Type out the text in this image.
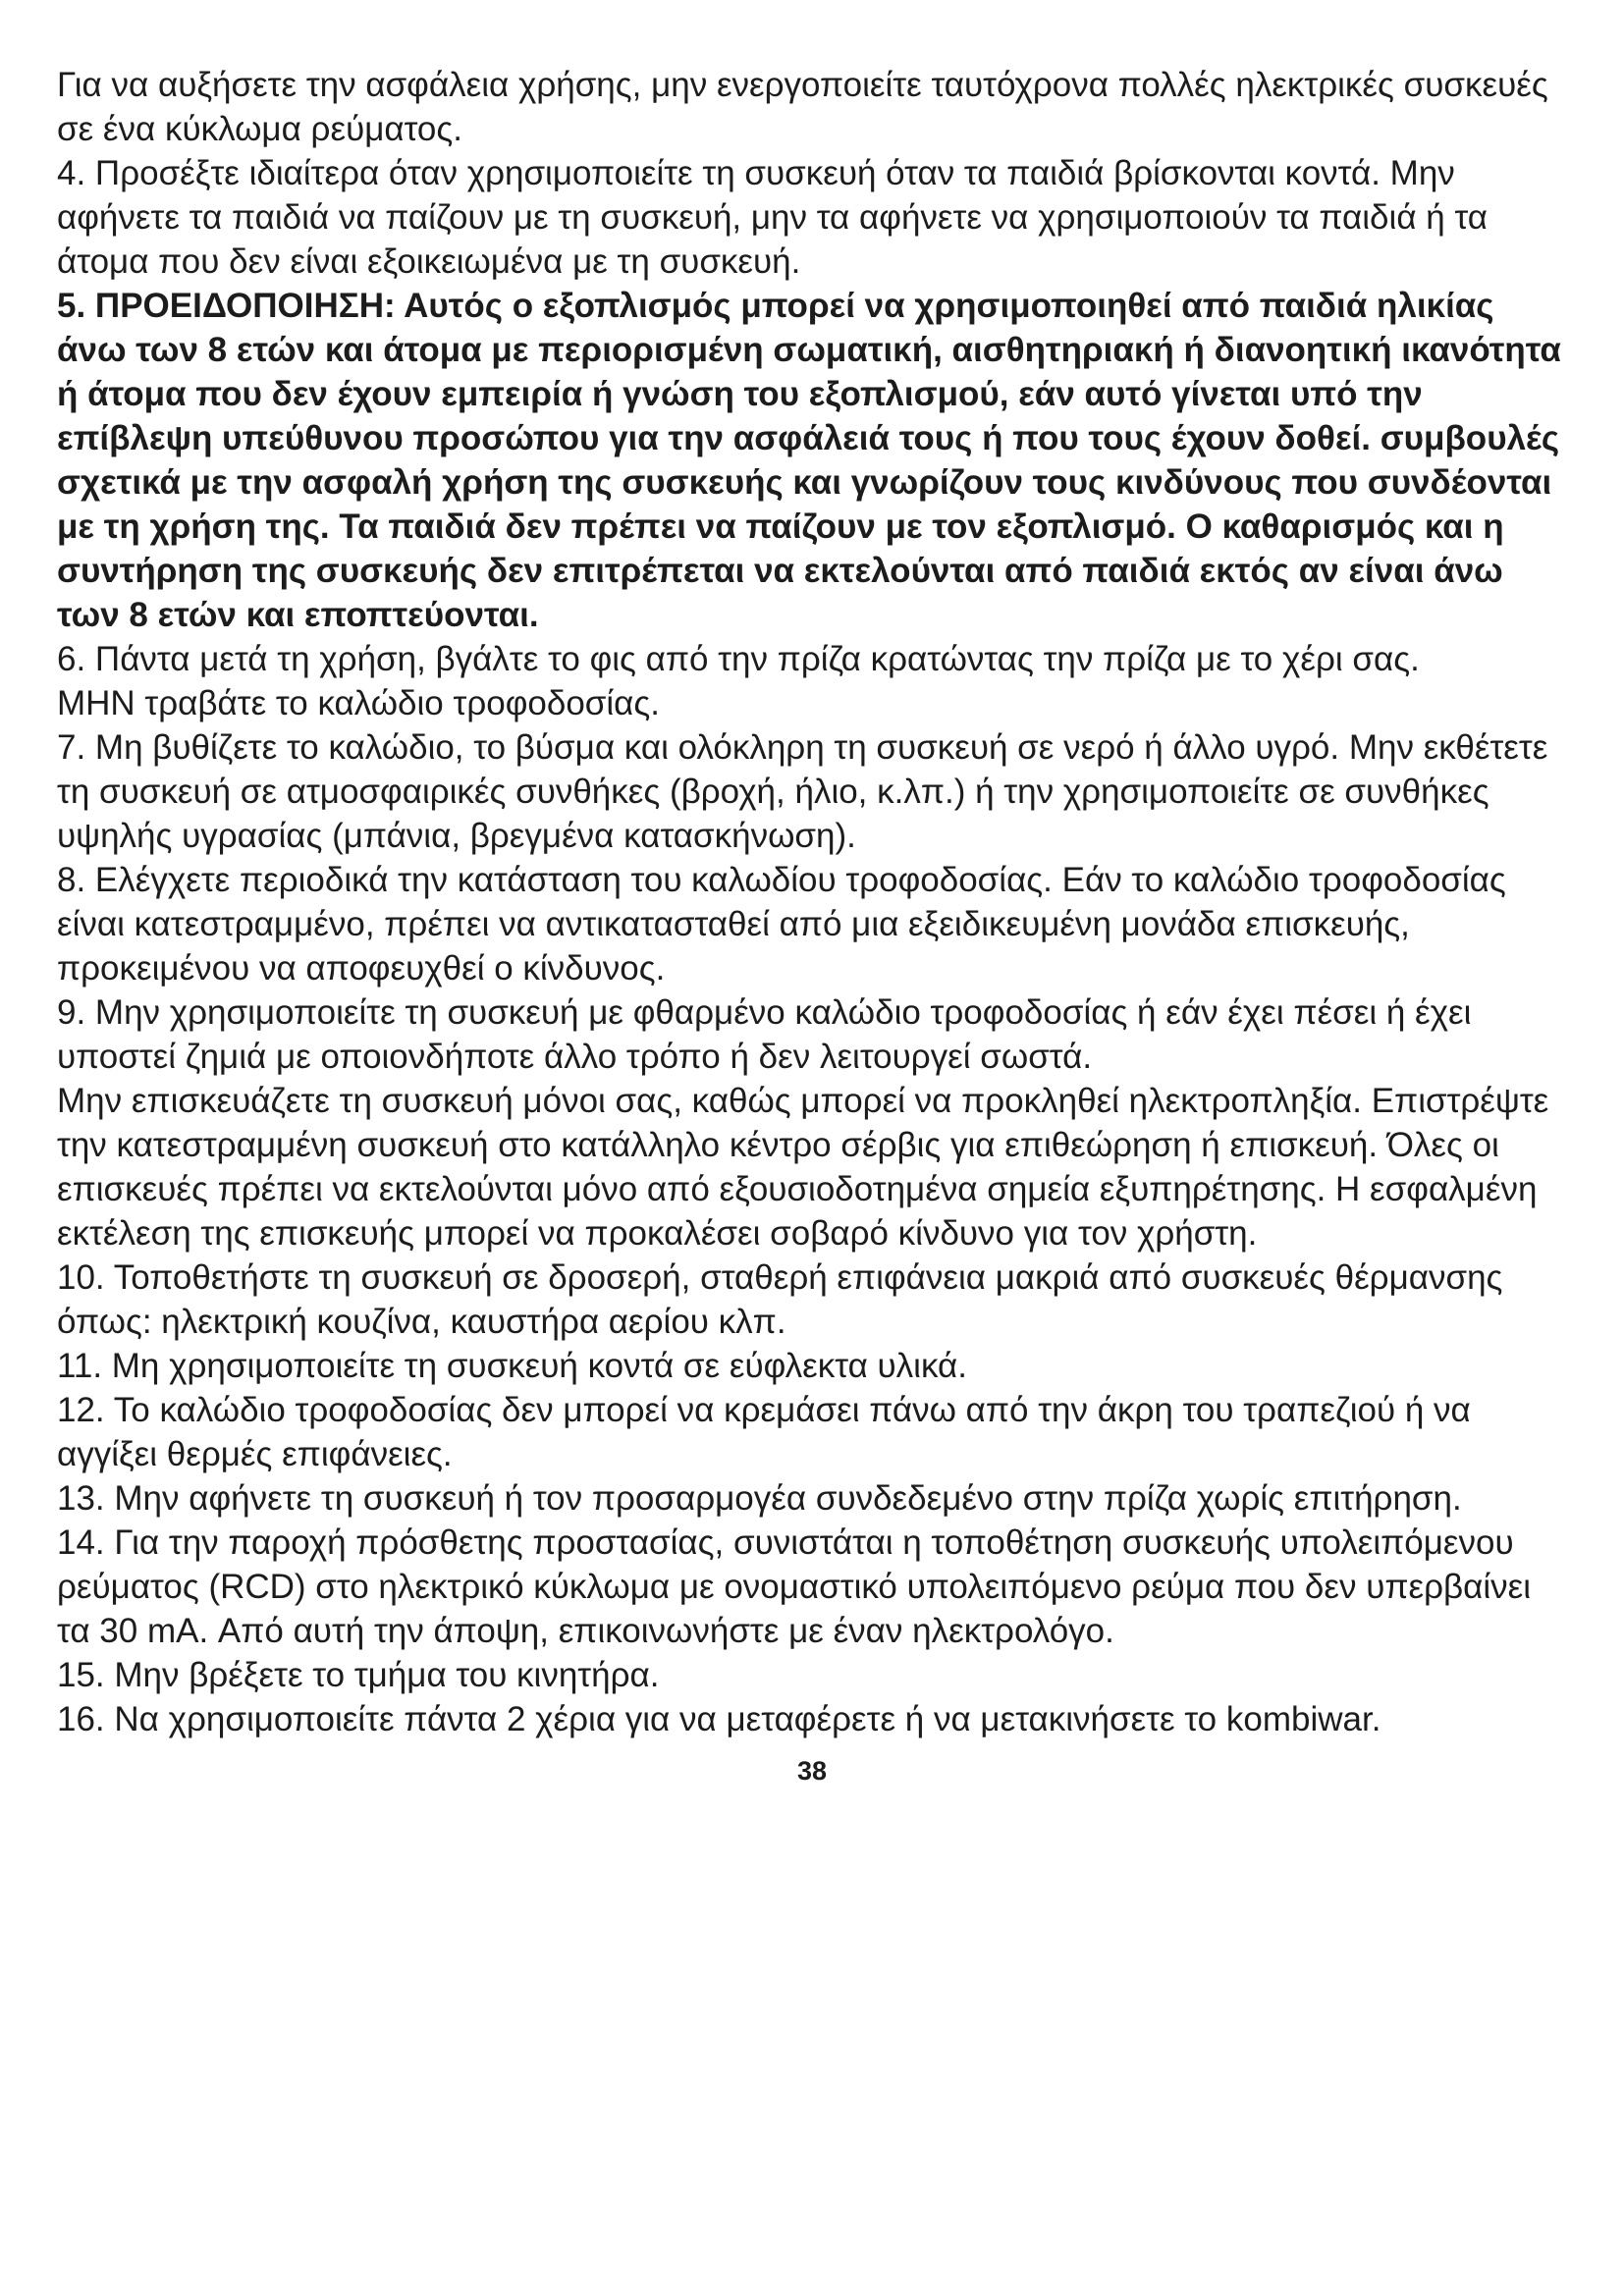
Για να αυξήσετε την ασφάλεια χρήσης, μην ενεργοποιείτε ταυτόχρονα πολλές ηλεκτρικές συσκευές σε ένα κύκλωμα ρεύματος.

4. Προσέξτε ιδιαίτερα όταν χρησιμοποιείτε τη συσκευή όταν τα παιδιά βρίσκονται κοντά. Μην αφήνετε τα παιδιά να παίζουν με τη συσκευή, μην τα αφήνετε να χρησιμοποιούν τα παιδιά ή τα άτομα που δεν είναι εξοικειωμένα με τη συσκευή.

5. ΠΡΟΕΙΔΟΠΟΙΗΣΗ: Αυτός ο εξοπλισμός μπορεί να χρησιμοποιηθεί από παιδιά ηλικίας άνω των 8 ετών και άτομα με περιορισμένη σωματική, αισθητηριακή ή διανοητική ικανότητα ή άτομα που δεν έχουν εμπειρία ή γνώση του εξοπλισμού, εάν αυτό γίνεται υπό την επίβλεψη υπεύθυνου προσώπου για την ασφάλειά τους ή που τους έχουν δοθεί. συμβουλές σχετικά με την ασφαλή χρήση της συσκευής και γνωρίζουν τους κινδύνους που συνδέονται με τη χρήση της. Τα παιδιά δεν πρέπει να παίζουν με τον εξοπλισμό. Ο καθαρισμός και η συντήρηση της συσκευής δεν επιτρέπεται να εκτελούνται από παιδιά εκτός αν είναι άνω των 8 ετών και εποπτεύονται.

6. Πάντα μετά τη χρήση, βγάλτε το φις από την πρίζα κρατώντας την πρίζα με το χέρι σας.
ΜΗΝ τραβάτε το καλώδιο τροφοδοσίας.

7. Μη βυθίζετε το καλώδιο, το βύσμα και ολόκληρη τη συσκευή σε νερό ή άλλο υγρό. Μην εκθέτετε τη συσκευή σε ατμοσφαιρικές συνθήκες (βροχή, ήλιο, κ.λπ.) ή την χρησιμοποιείτε σε συνθήκες υψηλής υγρασίας (μπάνια, βρεγμένα κατασκήνωση).

8. Ελέγχετε περιοδικά την κατάσταση του καλωδίου τροφοδοσίας. Εάν το καλώδιο τροφοδοσίας είναι κατεστραμμένο, πρέπει να αντικατασταθεί από μια εξειδικευμένη μονάδα επισκευής, προκειμένου να αποφευχθεί ο κίνδυνος.

9. Μην χρησιμοποιείτε τη συσκευή με φθαρμένο καλώδιο τροφοδοσίας ή εάν έχει πέσει ή έχει υποστεί ζημιά με οποιονδήποτε άλλο τρόπο ή δεν λειτουργεί σωστά.
Μην επισκευάζετε τη συσκευή μόνοι σας, καθώς μπορεί να προκληθεί ηλεκτροπληξία. Επιστρέψτε την κατεστραμμένη συσκευή στο κατάλληλο κέντρο σέρβις για επιθεώρηση ή επισκευή. Όλες οι επισκευές πρέπει να εκτελούνται μόνο από εξουσιοδοτημένα σημεία εξυπηρέτησης. Η εσφαλμένη εκτέλεση της επισκευής μπορεί να προκαλέσει σοβαρό κίνδυνο για τον χρήστη.

10. Τοποθετήστε τη συσκευή σε δροσερή, σταθερή επιφάνεια μακριά από συσκευές θέρμανσης όπως: ηλεκτρική κουζίνα, καυστήρα αερίου κλπ.

11. Μη χρησιμοποιείτε τη συσκευή κοντά σε εύφλεκτα υλικά.

12. Το καλώδιο τροφοδοσίας δεν μπορεί να κρεμάσει πάνω από την άκρη του τραπεζιού ή να αγγίξει θερμές επιφάνειες.

13. Μην αφήνετε τη συσκευή ή τον προσαρμογέα συνδεδεμένο στην πρίζα χωρίς επιτήρηση.

14. Για την παροχή πρόσθετης προστασίας, συνιστάται η τοποθέτηση συσκευής υπολειπόμενου ρεύματος (RCD) στο ηλεκτρικό κύκλωμα με ονομαστικό υπολειπόμενο ρεύμα που δεν υπερβαίνει τα 30 mA. Από αυτή την άποψη, επικοινωνήστε με έναν ηλεκτρολόγο.

15. Μην βρέξετε το τμήμα του κινητήρα.

16. Να χρησιμοποιείτε πάντα 2 χέρια για να μεταφέρετε ή να μετακινήσετε το kombiwar.

38
